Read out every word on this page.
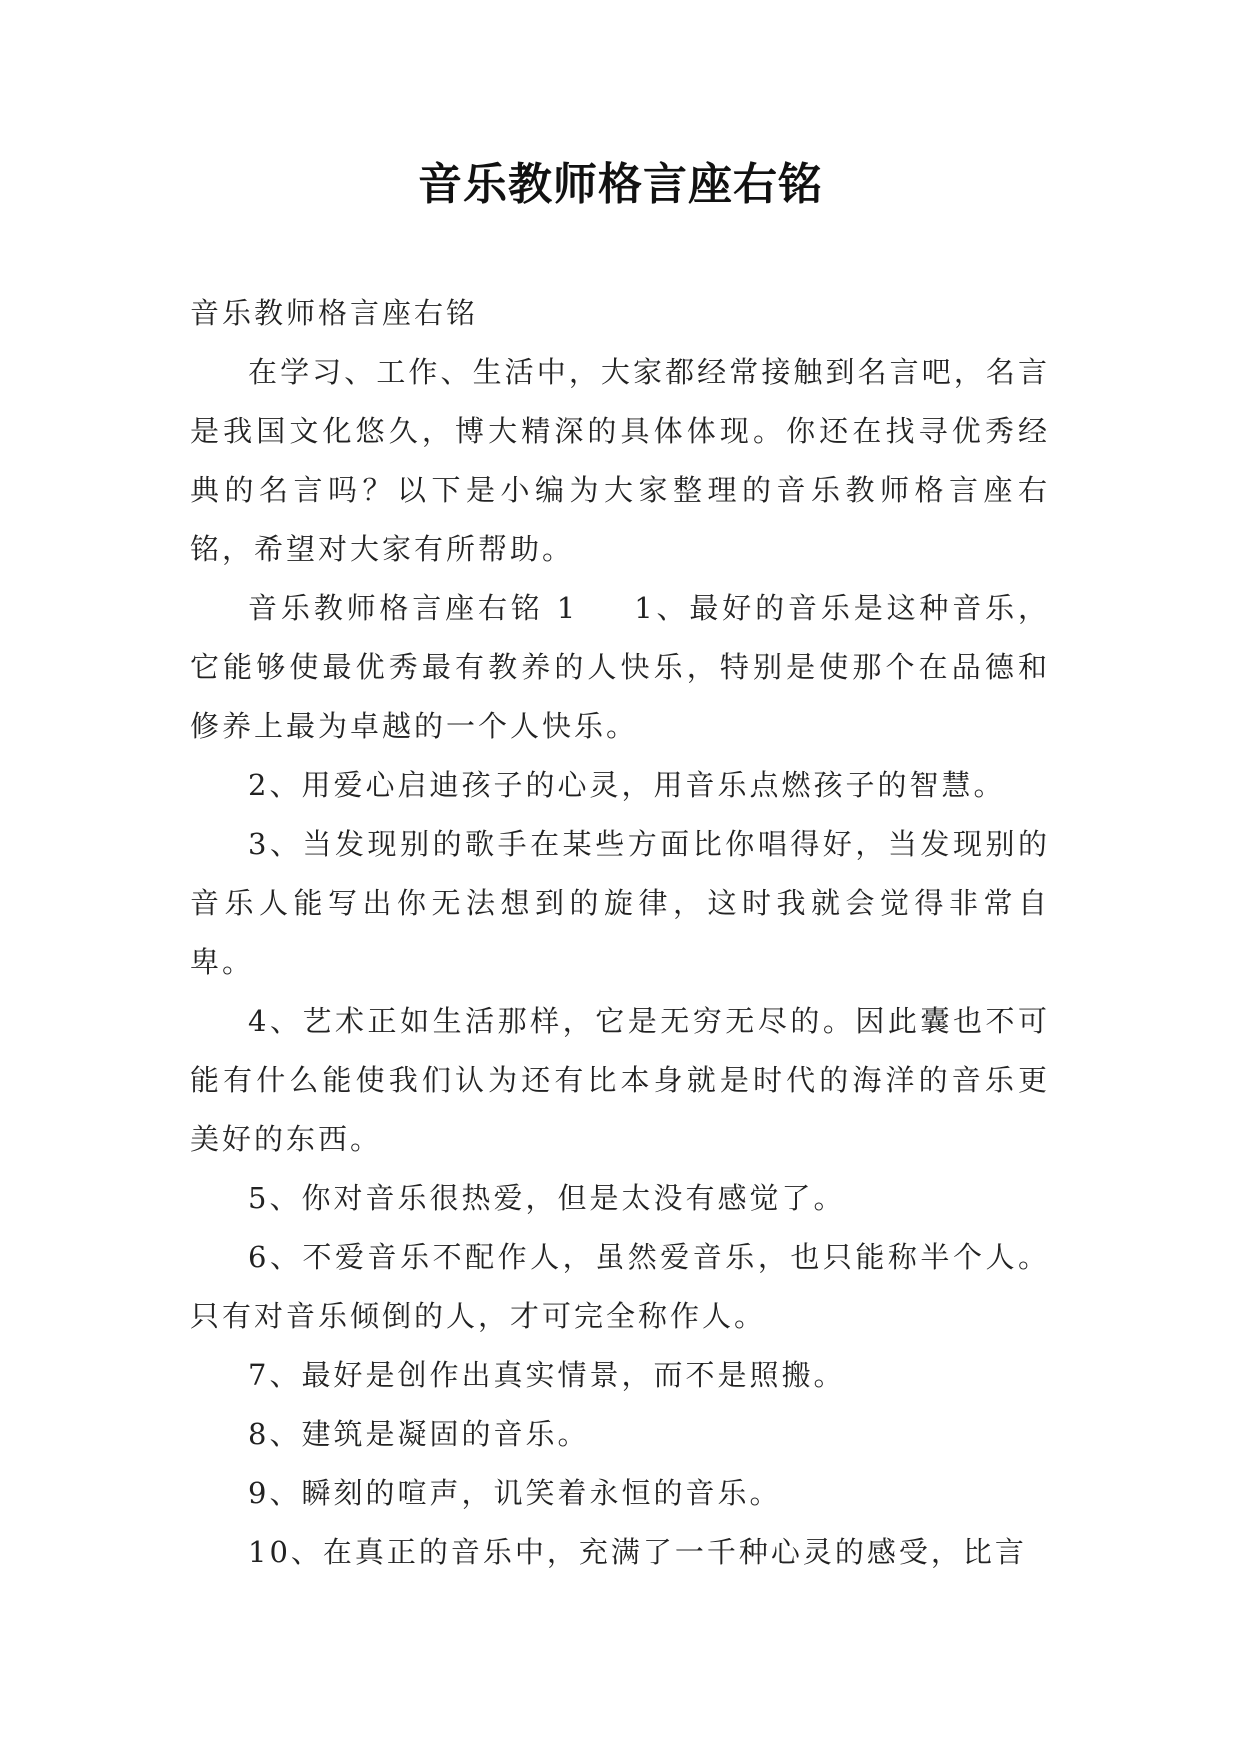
音乐教师格言座右铭

音乐教师格言座右铭

在学习、工作、生活中，大家都经常接触到名言吧，名言是我国文化悠久，博大精深的具体体现。你还在找寻优秀经典的名言吗？以下是小编为大家整理的音乐教师格言座右铭，希望对大家有所帮助。

音乐教师格言座右铭 1 1、最好的音乐是这种音乐，它能够使最优秀最有教养的人快乐，特别是使那个在品德和修养上最为卓越的一个人快乐。

2、用爱心启迪孩子的心灵，用音乐点燃孩子的智慧。

3、当发现别的歌手在某些方面比你唱得好，当发现别的音乐人能写出你无法想到的旋律，这时我就会觉得非常自卑。

4、艺术正如生活那样，它是无穷无尽的。因此囊也不可能有什么能使我们认为还有比本身就是时代的海洋的音乐更美好的东西。

5、你对音乐很热爱，但是太没有感觉了。

6、不爱音乐不配作人，虽然爱音乐，也只能称半个人。只有对音乐倾倒的人，才可完全称作人。

7、最好是创作出真实情景，而不是照搬。

8、建筑是凝固的音乐。

9、瞬刻的喧声，讥笑着永恒的音乐。

10、在真正的音乐中，充满了一千种心灵的感受，比言
